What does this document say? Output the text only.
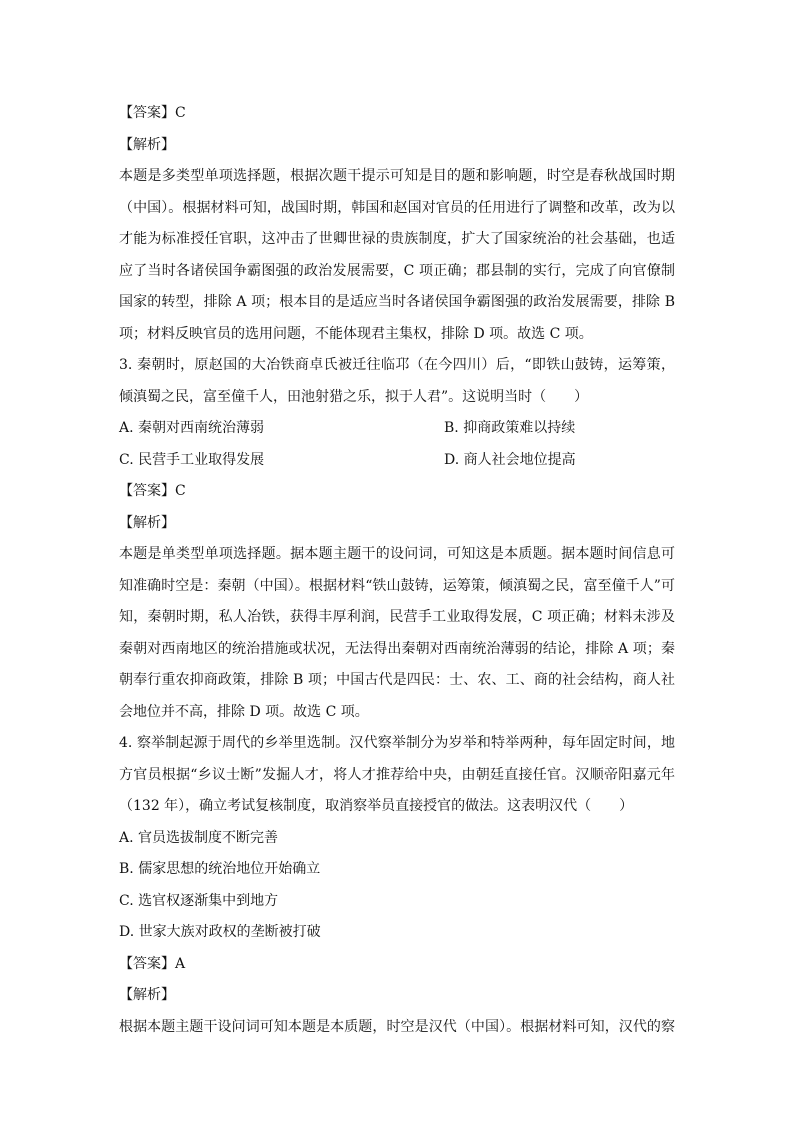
【答案】C
【解析】
本题是多类型单项选择题，根据次题干提示可知是目的题和影响题，时空是春秋战国时期
（中国）。根据材料可知，战国时期，韩国和赵国对官员的任用进行了调整和改革，改为以
才能为标准授任官职，这冲击了世卿世禄的贵族制度，扩大了国家统治的社会基础，也适
应了当时各诸侯国争霸图强的政治发展需要，C 项正确；郡县制的实行，完成了向官僚制
国家的转型，排除 A 项；根本目的是适应当时各诸侯国争霸图强的政治发展需要，排除 B
项；材料反映官员的选用问题，不能体现君主集权，排除 D 项。故选 C 项。
3. 秦朝时，原赵国的大冶铁商卓氏被迁往临邛（在今四川）后，“即铁山鼓铸，运筹策，
倾滇蜀之民，富至僮千人，田池射猎之乐，拟于人君”。这说明当时（　　）
A. 秦朝对西南统治薄弱	B. 抑商政策难以持续
C. 民营手工业取得发展	D. 商人社会地位提高
【答案】C
【解析】
本题是单类型单项选择题。据本题主题干的设问词，可知这是本质题。据本题时间信息可
知准确时空是：秦朝（中国）。根据材料“铁山鼓铸，运筹策，倾滇蜀之民，富至僮千人”可
知，秦朝时期，私人冶铁，获得丰厚利润，民营手工业取得发展，C 项正确；材料未涉及
秦朝对西南地区的统治措施或状况，无法得出秦朝对西南统治薄弱的结论，排除 A 项；秦
朝奉行重农抑商政策，排除 B 项；中国古代是四民：士、农、工、商的社会结构，商人社
会地位并不高，排除 D 项。故选 C 项。
4. 察举制起源于周代的乡举里选制。汉代察举制分为岁举和特举两种，每年固定时间，地
方官员根据“乡议士断”发掘人才，将人才推荐给中央，由朝廷直接任官。汉顺帝阳嘉元年
（132 年），确立考试复核制度，取消察举员直接授官的做法。这表明汉代（　　）
A. 官员选拔制度不断完善
B. 儒家思想的统治地位开始确立
C. 选官权逐渐集中到地方
D. 世家大族对政权的垄断被打破
【答案】A
【解析】
根据本题主题干设问词可知本题是本质题，时空是汉代（中国）。根据材料可知，汉代的察
